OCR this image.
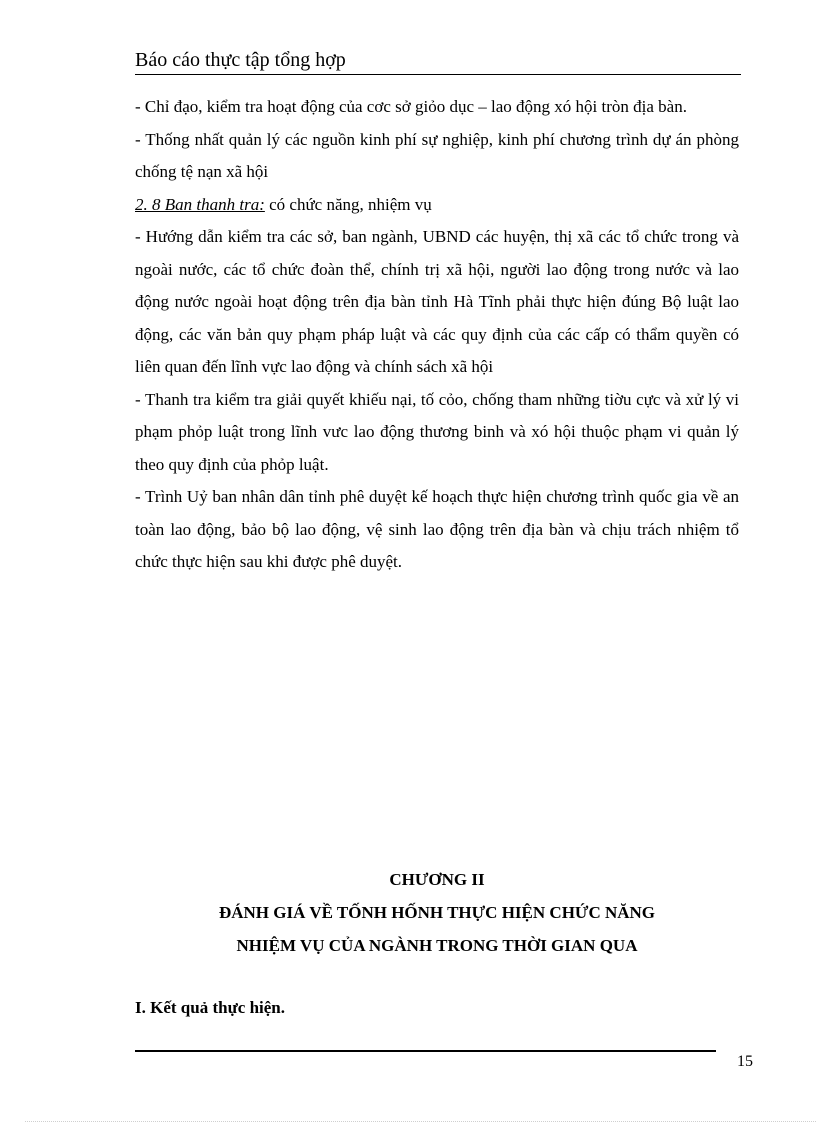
Báo cáo thực tập tổng hợp

- Chỉ đạo, kiểm tra hoạt động của cơc sở giỏo dục – lao động xó hội tròn địa bàn.

- Thống nhất quản lý các nguồn kinh phí sự nghiệp, kinh phí chương trình dự án phòng chống tệ nạn xã hội

2. 8 Ban thanh tra: có chức năng, nhiệm vụ

- Hướng dẫn kiểm tra các sở, ban ngành, UBND các huyện, thị xã các tổ chức trong và ngoài nước, các tổ chức đoàn thể, chính trị xã hội, người lao động trong nước và lao động nước ngoài hoạt động trên địa bàn tỉnh Hà Tĩnh phải thực hiện đúng Bộ luật lao động, các văn bản quy phạm pháp luật và các quy định của các cấp có thẩm quyền có liên quan đến lĩnh vực lao động và chính sách xã hội

- Thanh tra kiểm tra giải quyết khiếu nại, tố cỏo, chống tham những tiờu cực và xử lý vi phạm phỏp luật trong lĩnh vưc lao động thương binh và xó hội thuộc phạm vi quản lý theo quy định của phỏp luật.

- Trình Uỷ ban nhân dân tỉnh phê duyệt kế hoạch thực hiện chương trình quốc gia về an toàn lao động, bảo bộ lao động, vệ sinh lao động trên địa bàn và chịu trách nhiệm tổ chức thực hiện sau khi được phê duyệt.

CHƯƠNG II
ĐÁNH GIÁ VỀ TỐNH HỐNH THỰC HIỆN CHỨC NĂNG
NHIỆM VỤ CỦA NGÀNH TRONG THỜI GIAN QUA
I. Kết quả thực hiện.
15
